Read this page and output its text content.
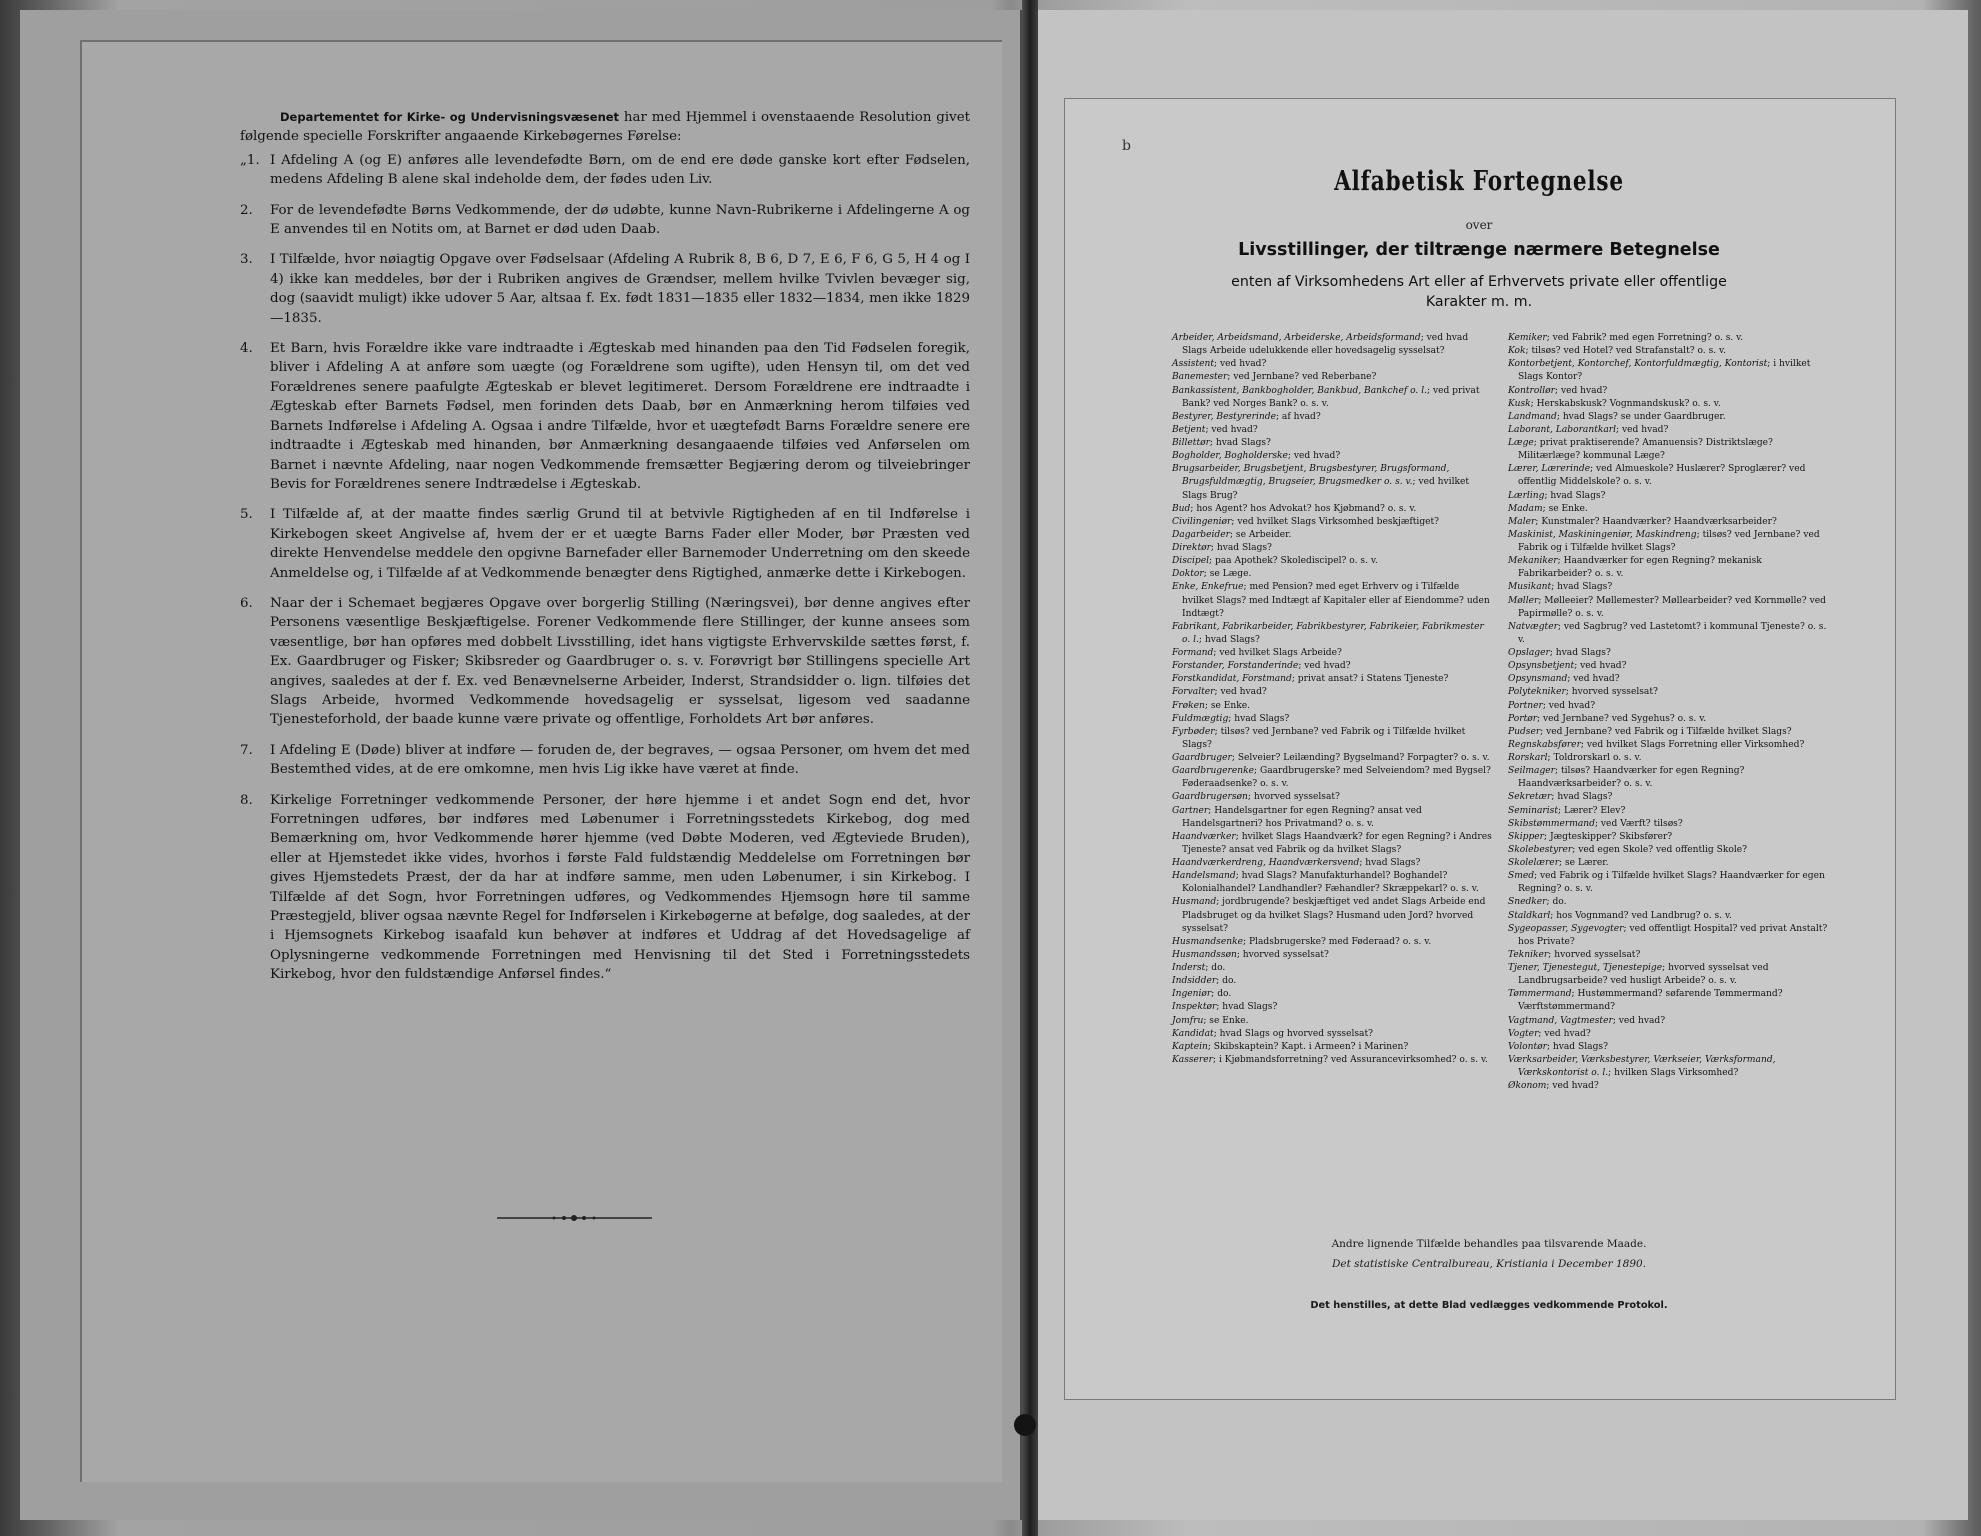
Departementet for Kirke- og Undervisningsvæsenet har med Hjemmel i ovenstaaende Resolution givet følgende specielle Forskrifter angaaende Kirkebøgernes Førelse:

„1. I Afdeling A (og E) anføres alle levendefødte Børn, om de end ere døde ganske kort efter Fødselen, medens Afdeling B alene skal indeholde dem, der fødes uden Liv.
2.	For de levendefødte Børns Vedkommende, der dø udøbte, kunne Navn-Rubrikerne i Afdelingerne A og E anvendes til en Notits om, at Barnet er død uden Daab.
3.	I Tilfælde, hvor nøiagtig Opgave over Fødselsaar (Afdeling A Rubrik 8, B 6, D 7, E 6, F 6, G 5, H 4 og I 4) ikke kan meddeles, bør der i Rubriken angives de Grændser, mellem hvilke Tvivlen bevæger sig, dog (saavidt muligt) ikke udover 5 Aar, altsaa f. Ex. født 1831—1835 eller 1832—1834, men ikke 1829—1835.
4.	Et Barn, hvis Forældre ikke vare indtraadte i Ægteskab med hinanden paa den Tid Fødselen foregik, bliver i Afdeling A at anføre som uægte (og Forældrene som ugifte), uden Hensyn til, om det ved Forældrenes senere paafulgte Ægteskab er blevet legitimeret. Dersom Forældrene ere indtraadte i Ægteskab efter Barnets Fødsel, men forinden dets Daab, bør en Anmærkning herom tilføies ved Barnets Indførelse i Afdeling A. Ogsaa i andre Tilfælde, hvor et uægtefødt Barns Forældre senere ere indtraadte i Ægteskab med hinanden, bør Anmærkning desangaaende tilføies ved Anførselen om Barnet i nævnte Afdeling, naar nogen Vedkommende fremsætter Begjæring derom og tilveiebringer Bevis for Forældrenes senere Indtrædelse i Ægteskab.
5.	I Tilfælde af, at der maatte findes særlig Grund til at betvivle Rigtigheden af en til Indførelse i Kirkebogen skeet Angivelse af, hvem der er et uægte Barns Fader eller Moder, bør Præsten ved direkte Henvendelse meddele den opgivne Barnefader eller Barnemoder Underretning om den skeede Anmeldelse og, i Tilfælde af at Vedkommende benægter dens Rigtighed, anmærke dette i Kirkebogen.
6.	Naar der i Schemaet begjæres Opgave over borgerlig Stilling (Næringsvei), bør denne angives efter Personens væsentlige Beskjæftigelse. Forener Vedkommende flere Stillinger, der kunne ansees som væsentlige, bør han opføres med dobbelt Livsstilling, idet hans vigtigste Erhvervskilde sættes først, f. Ex. Gaardbruger og Fisker; Skibsreder og Gaardbruger o. s. v. Forøvrigt bør Stillingens specielle Art angives, saaledes at der f. Ex. ved Benævnelserne Arbeider, Inderst, Strandsidder o. lign. tilføies det Slags Arbeide, hvormed Vedkommende hovedsagelig er sysselsat, ligesom ved saadanne Tjenesteforhold, der baade kunne være private og offentlige, Forholdets Art bør anføres.
7.	I Afdeling E (Døde) bliver at indføre — foruden de, der begraves, — ogsaa Personer, om hvem det med Bestemthed vides, at de ere omkomne, men hvis Lig ikke have været at finde.
8.	Kirkelige Forretninger vedkommende Personer, der høre hjemme i et andet Sogn end det, hvor Forretningen udføres, bør indføres med Løbenumer i Forretningsstedets Kirkebog, dog med Bemærkning om, hvor Vedkommende hører hjemme (ved Døbte Moderen, ved Ægteviede Bruden), eller at Hjemstedet ikke vides, hvorhos i første Fald fuldstændig Meddelelse om Forretningen bør gives Hjemstedets Præst, der da har at indføre samme, men uden Løbenumer, i sin Kirkebog. I Tilfælde af det Sogn, hvor Forretningen udføres, og Vedkommendes Hjemsogn høre til samme Præstegjeld, bliver ogsaa nævnte Regel for Indførselen i Kirkebøgerne at befølge, dog saaledes, at der i Hjemsognets Kirkebog isaafald kun behøver at indføres et Uddrag af det Hovedsagelige af Oplysningerne vedkommende Forretningen med Henvisning til det Sted i Forretningsstedets Kirkebog, hvor den fuldstændige Anførsel findes.“
b
Alfabetisk Fortegnelse
over
Livsstillinger, der tiltrænge nærmere Betegnelse
enten af Virksomhedens Art eller af Erhvervets private eller offentlige
Karakter m. m.

Arbeider, Arbeidsmand, Arbeiderske, Arbeidsformand; ved hvad Slags Arbeide udelukkende eller hovedsagelig sysselsat?

Assistent; ved hvad?

Banemester; ved Jernbane? ved Reberbane?

Bankassistent, Bankbogholder, Bankbud, Bankchef o. l.; ved privat Bank? ved Norges Bank? o. s. v.

Bestyrer, Bestyrerinde; af hvad?

Betjent; ved hvad?

Billettør; hvad Slags?

Bogholder, Bogholderske; ved hvad?

Brugsarbeider, Brugsbetjent, Brugsbestyrer, Brugsformand, Brugsfuldmægtig, Brugseier, Brugsmedker o. s. v.; ved hvilket Slags Brug?

Bud; hos Agent? hos Advokat? hos Kjøbmand? o. s. v.

Civilingeniør; ved hvilket Slags Virksomhed beskjæftiget?

Dagarbeider; se Arbeider.

Direktør; hvad Slags?

Discipel; paa Apothek? Skolediscipel? o. s. v.

Doktor; se Læge.

Enke, Enkefrue; med Pension? med eget Erhverv og i Tilfælde hvilket Slags? med Indtægt af Kapitaler eller af Eiendomme? uden Indtægt?

Fabrikant, Fabrikarbeider, Fabrikbestyrer, Fabrikeier, Fabrikmester o. l.; hvad Slags?

Formand; ved hvilket Slags Arbeide?

Forstander, Forstanderinde; ved hvad?

Forstkandidat, Forstmand; privat ansat? i Statens Tjeneste?

Forvalter; ved hvad?

Frøken; se Enke.

Fuldmægtig; hvad Slags?

Fyrbøder; tilsøs? ved Jernbane? ved Fabrik og i Tilfælde hvilket Slags?

Gaardbruger; Selveier? Leilænding? Bygselmand? Forpagter? o. s. v.

Gaardbrugerenke; Gaardbrugerske? med Selveiendom? med Bygsel? Føderaadsenke? o. s. v.

Gaardbrugersøn; hvorved sysselsat?

Gartner; Handelsgartner for egen Regning? ansat ved Handelsgartneri? hos Privatmand? o. s. v.

Haandværker; hvilket Slags Haandværk? for egen Regning? i Andres Tjeneste? ansat ved Fabrik og da hvilket Slags?

Haandværkerdreng, Haandværkersvend; hvad Slags?

Handelsmand; hvad Slags? Manufakturhandel? Boghandel? Kolonialhandel? Landhandler? Fæhandler? Skræppekarl? o. s. v.

Husmand; jordbrugende? beskjæftiget ved andet Slags Arbeide end Pladsbruget og da hvilket Slags? Husmand uden Jord? hvorved sysselsat?

Husmandsenke; Pladsbrugerske? med Føderaad? o. s. v.

Husmandssøn; hvorved sysselsat?

Inderst; do.

Indsidder; do.

Ingeniør; do.

Inspektør; hvad Slags?

Jomfru; se Enke.

Kandidat; hvad Slags og hvorved sysselsat?

Kaptein; Skibskaptein? Kapt. i Armeen? i Marinen?

Kasserer; i Kjøbmandsforretning? ved Assurancevirksomhed? o. s. v.

Kemiker; ved Fabrik? med egen Forretning? o. s. v.

Kok; tilsøs? ved Hotel? ved Strafanstalt? o. s. v.

Kontorbetjent, Kontorchef, Kontorfuldmægtig, Kontorist; i hvilket Slags Kontor?

Kontrollør; ved hvad?

Kusk; Herskabskusk? Vognmandskusk? o. s. v.

Landmand; hvad Slags? se under Gaardbruger.

Laborant, Laborantkarl; ved hvad?

Læge; privat praktiserende? Amanuensis? Distriktslæge? Militærlæge? kommunal Læge?

Lærer, Lærerinde; ved Almueskole? Huslærer? Sproglærer? ved offentlig Middelskole? o. s. v.

Lærling; hvad Slags?

Madam; se Enke.

Maler; Kunstmaler? Haandværker? Haandværksarbeider?

Maskinist, Maskiningeniør, Maskindreng; tilsøs? ved Jernbane? ved Fabrik og i Tilfælde hvilket Slags?

Mekaniker; Haandværker for egen Regning? mekanisk Fabrikarbeider? o. s. v.

Musikant; hvad Slags?

Møller; Mølleeier? Møllemester? Møllearbeider? ved Kornmølle? ved Papirmølle? o. s. v.

Natvægter; ved Sagbrug? ved Lastetomt? i kommunal Tjeneste? o. s. v.

Opslager; hvad Slags?

Opsynsbetjent; ved hvad?

Opsynsmand; ved hvad?

Polytekniker; hvorved sysselsat?

Portner; ved hvad?

Portør; ved Jernbane? ved Sygehus? o. s. v.

Pudser; ved Jernbane? ved Fabrik og i Tilfælde hvilket Slags?

Regnskabsfører; ved hvilket Slags Forretning eller Virksomhed?

Rorskarl; Toldrorskarl o. s. v.

Seilmager; tilsøs? Haandværker for egen Regning? Haandværksarbeider? o. s. v.

Sekretær; hvad Slags?

Seminarist; Lærer? Elev?

Skibstømmermand; ved Værft? tilsøs?

Skipper; Jægteskipper? Skibsfører?

Skolebestyrer; ved egen Skole? ved offentlig Skole?

Skolelærer; se Lærer.

Smed; ved Fabrik og i Tilfælde hvilket Slags? Haandværker for egen Regning? o. s. v.

Snedker; do.

Staldkarl; hos Vognmand? ved Landbrug? o. s. v.

Sygeopasser, Sygevogter; ved offentligt Hospital? ved privat Anstalt? hos Private?

Tekniker; hvorved sysselsat?

Tjener, Tjenestegut, Tjenestepige; hvorved sysselsat ved Landbrugsarbeide? ved husligt Arbeide? o. s. v.

Tømmermand; Hustømmermand? søfarende Tømmermand? Værftstømmermand?

Vagtmand, Vagtmester; ved hvad?

Vogter; ved hvad?

Volontør; hvad Slags?

Værksarbeider, Værksbestyrer, Værkseier, Værksformand, Værkskontorist o. l.; hvilken Slags Virksomhed?

Økonom; ved hvad?

Andre lignende Tilfælde behandles paa tilsvarende Maade.
Det statistiske Centralbureau, Kristiania i December 1890.
Det henstilles, at dette Blad vedlægges vedkommende Protokol.
